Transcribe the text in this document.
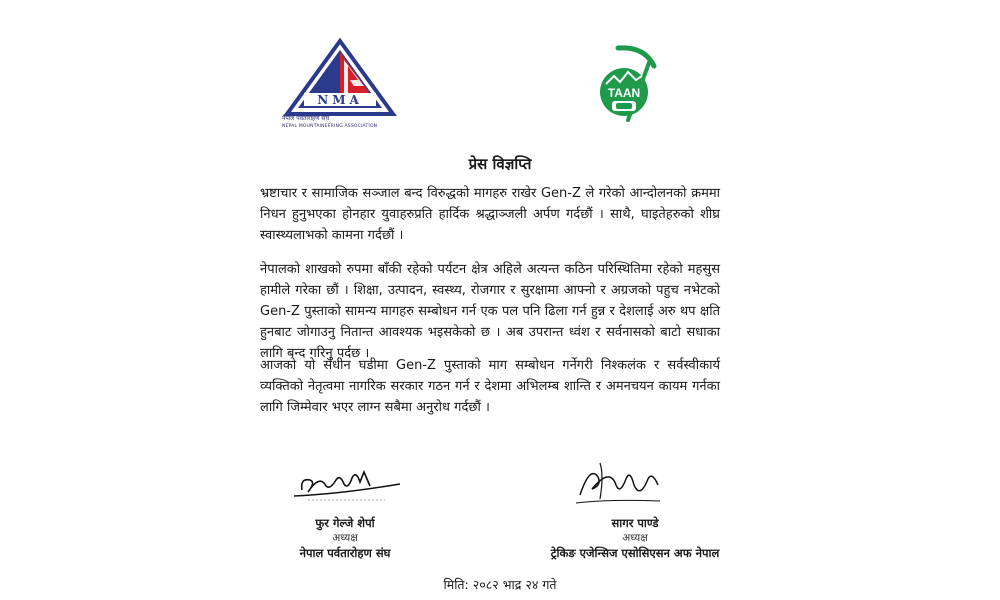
NMA
नेपाल पर्वतारोहण संघ
NEPAL MOUNTAINEERING ASSOCIATION
TAAN
प्रेस विज्ञप्ति
भ्रष्टाचार र सामाजिक सञ्जाल बन्द विरुद्धको मागहरु राखेर Gen-Z ले गरेको आन्दोलनको क्रममा निधन हुनुभएका होनहार युवाहरुप्रति हार्दिक श्रद्धाञ्जली अर्पण गर्दछौं । साथै, घाइतेहरुको शीघ्र स्वास्थ्यलाभको कामना गर्दछौं ।
नेपालको शाखको रुपमा बाँकी रहेको पर्यटन क्षेत्र अहिले अत्यन्त कठिन परिस्थितिमा रहेको महसुस हामीले गरेका छौं । शिक्षा, उत्पादन, स्वस्थ्य, रोजगार र सुरक्षामा आफ्नो र अग्रजको पहुच नभेटको Gen-Z पुस्ताको सामन्य मागहरु सम्बोधन गर्न एक पल पनि ढिला गर्न हुन्न र देशलाई अरु थप क्षति हुनबाट जोगाउनु नितान्त आवश्यक भइसकेको छ । अब उपरान्त ध्वंश र सर्वनासको बाटो सधाका लागि बन्द गरिनु पर्दछ ।
आजको यो संधीन घडीमा Gen-Z पुस्ताको माग सम्बोधन गर्नेगरी निश्कलंक र सर्वस्वीकार्य व्यक्तिको नेतृत्वमा नागरिक सरकार गठन गर्न र देशमा अभिलम्ब शान्ति र अमनचयन कायम गर्नका लागि जिम्मेवार भएर लाग्न सबैमा अनुरोध गर्दछौं ।
फुर गेल्जे शेर्पा
अध्यक्ष
नेपाल पर्वतारोहण संघ
सागर पाण्डे
अध्यक्ष
ट्रेकिङ एजेन्सिज एसोसिएसन अफ नेपाल
मिति: २०८२ भाद्र २४ गते
